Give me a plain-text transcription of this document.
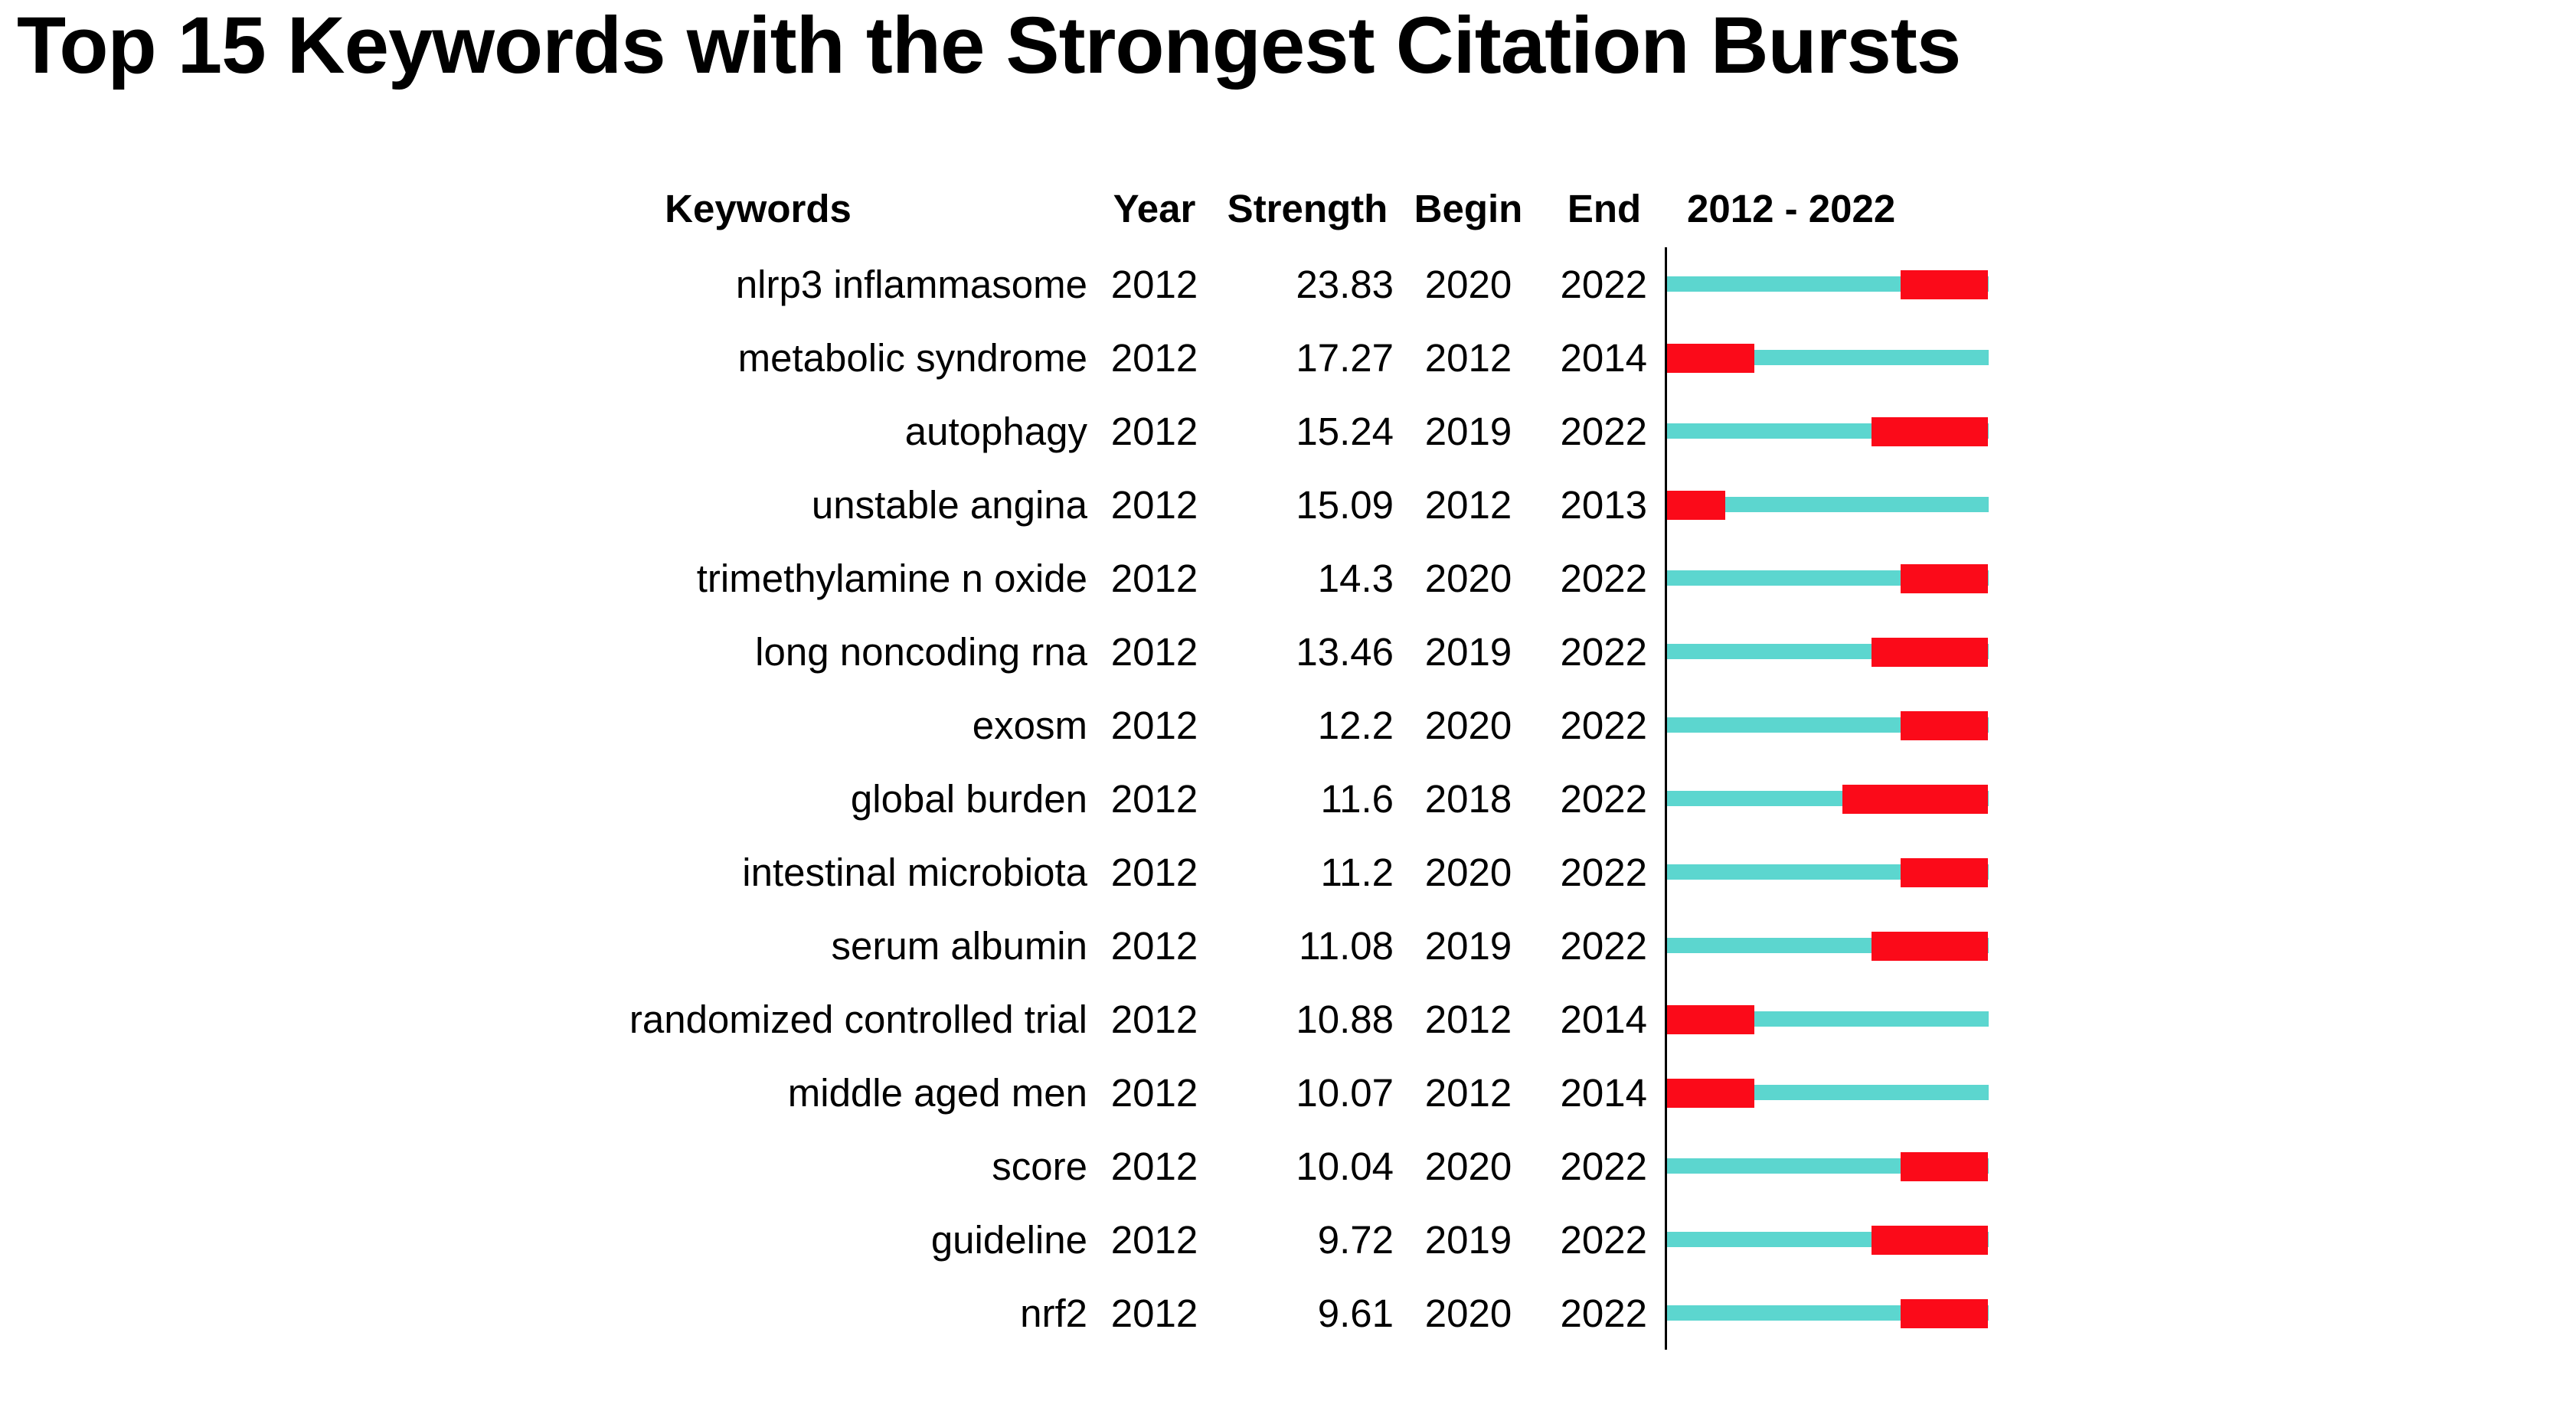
Top 15 Keywords with the Strongest Citation Bursts
Keywords	Year	Strength	Begin	End	2012 - 2022
nlrp3 inflammasome	2012	23.83	2020	2022	

metabolic syndrome	2012	17.27	2012	2014	

autophagy	2012	15.24	2019	2022	

unstable angina	2012	15.09	2012	2013	

trimethylamine n oxide	2012	14.3	2020	2022	

long noncoding rna	2012	13.46	2019	2022	

exosm	2012	12.2	2020	2022	

global burden	2012	11.6	2018	2022	

intestinal microbiota	2012	11.2	2020	2022	

serum albumin	2012	11.08	2019	2022	

randomized controlled trial	2012	10.88	2012	2014	

middle aged men	2012	10.07	2012	2014	

score	2012	10.04	2020	2022	

guideline	2012	9.72	2019	2022	

nrf2	2012	9.61	2020	2022	
